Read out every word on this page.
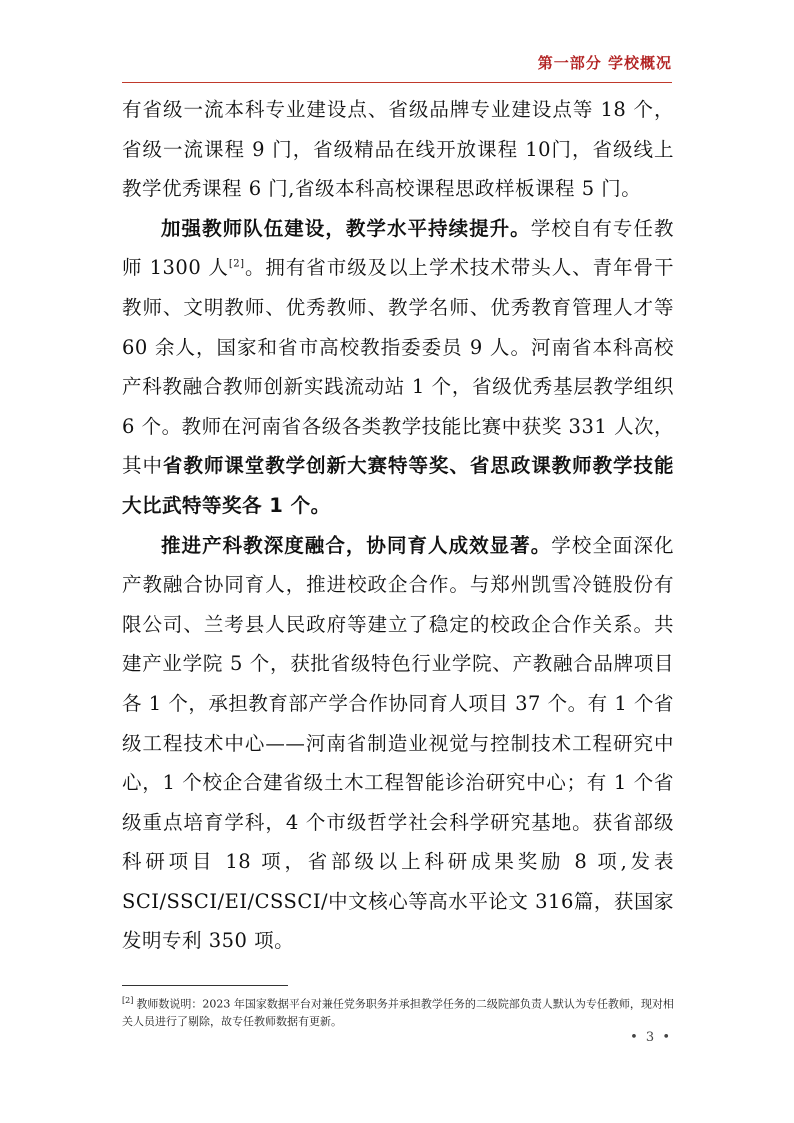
第一部分 学校概况

有省级一流本科专业建设点、省级品牌专业建设点等 18 个，省级一流课程 9 门，省级精品在线开放课程 10门，省级线上教学优秀课程 6 门,省级本科高校课程思政样板课程 5 门。

加强教师队伍建设，教学水平持续提升。学校自有专任教师 1300 人[2]。拥有省市级及以上学术技术带头人、青年骨干教师、文明教师、优秀教师、教学名师、优秀教育管理人才等 60 余人，国家和省市高校教指委委员 9 人。河南省本科高校产科教融合教师创新实践流动站 1 个，省级优秀基层教学组织 6 个。教师在河南省各级各类教学技能比赛中获奖 331 人次，其中省教师课堂教学创新大赛特等奖、省思政课教师教学技能大比武特等奖各 1 个。

推进产科教深度融合，协同育人成效显著。学校全面深化产教融合协同育人，推进校政企合作。与郑州凯雪冷链股份有限公司、兰考县人民政府等建立了稳定的校政企合作关系。共建产业学院 5 个，获批省级特色行业学院、产教融合品牌项目各 1 个，承担教育部产学合作协同育人项目 37 个。有 1 个省级工程技术中心——河南省制造业视觉与控制技术工程研究中心，1 个校企合建省级土木工程智能诊治研究中心；有 1 个省级重点培育学科，4 个市级哲学社会科学研究基地。获省部级科研项目 18 项，省部级以上科研成果奖励 8 项,发表 SCI/SSCI/EI/CSSCI/中文核心等高水平论文 316篇，获国家发明专利 350 项。

[2] 教师数说明：2023 年国家数据平台对兼任党务职务并承担教学任务的二级院部负责人默认为专任教师，现对相关人员进行了剔除，故专任教师数据有更新。
• 3 •
